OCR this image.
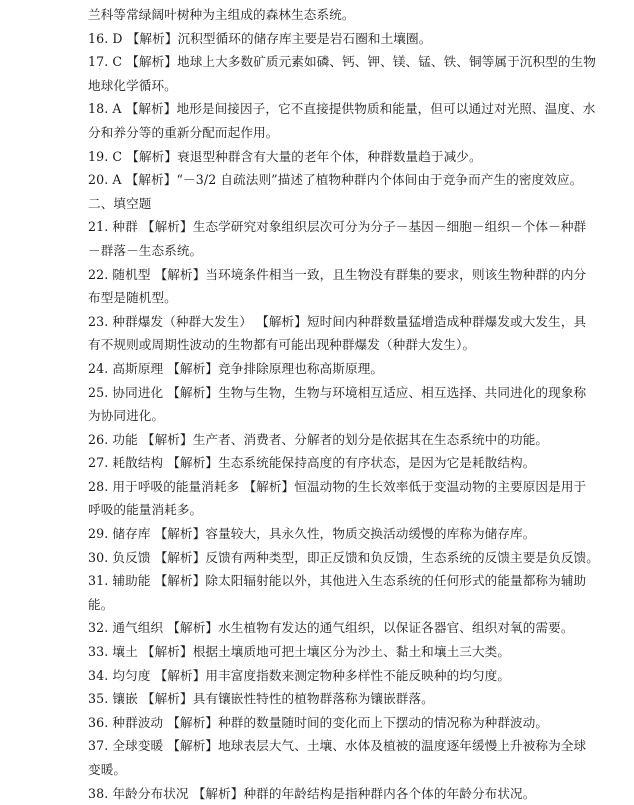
兰科等常绿阔叶树种为主组成的森林生态系统。
16. D 【解析】沉积型循环的储存库主要是岩石圈和土壤圈。
17. C 【解析】地球上大多数矿质元素如磷、钙、钾、镁、锰、铁、铜等属于沉积型的生物
地球化学循环。
18. A 【解析】地形是间接因子，它不直接提供物质和能量，但可以通过对光照、温度、水
分和养分等的重新分配而起作用。
19. C 【解析】衰退型种群含有大量的老年个体，种群数量趋于减少。
20. A 【解析】“－3/2 自疏法则”描述了植物种群内个体间由于竞争而产生的密度效应。
二、填空题
21. 种群 【解析】生态学研究对象组织层次可分为分子－基因－细胞－组织－个体－种群
－群落－生态系统。
22. 随机型 【解析】当环境条件相当一致，且生物没有群集的要求，则该生物种群的内分
布型是随机型。
23. 种群爆发（种群大发生） 【解析】短时间内种群数量猛增造成种群爆发或大发生，具
有不规则或周期性波动的生物都有可能出现种群爆发（种群大发生）。
24. 高斯原理 【解析】竞争排除原理也称高斯原理。
25. 协同进化 【解析】生物与生物，生物与环境相互适应、相互选择、共同进化的现象称
为协同进化。
26. 功能 【解析】生产者、消费者、分解者的划分是依据其在生态系统中的功能。
27. 耗散结构 【解析】生态系统能保持高度的有序状态，是因为它是耗散结构。
28. 用于呼吸的能量消耗多 【解析】恒温动物的生长效率低于变温动物的主要原因是用于
呼吸的能量消耗多。
29. 储存库 【解析】容量较大，具永久性，物质交换活动缓慢的库称为储存库。
30. 负反馈 【解析】反馈有两种类型，即正反馈和负反馈，生态系统的反馈主要是负反馈。
31. 辅助能 【解析】除太阳辐射能以外，其他进入生态系统的任何形式的能量都称为辅助
能。
32. 通气组织 【解析】水生植物有发达的通气组织，以保证各器官、组织对氧的需要。
33. 壤土 【解析】根据土壤质地可把土壤区分为沙土、黏土和壤土三大类。
34. 均匀度 【解析】用丰富度指数来测定物种多样性不能反映种的均匀度。
35. 镶嵌 【解析】具有镶嵌性特性的植物群落称为镶嵌群落。
36. 种群波动 【解析】种群的数量随时间的变化而上下摆动的情况称为种群波动。
37. 全球变暖 【解析】地球表层大气、土壤、水体及植被的温度逐年缓慢上升被称为全球
变暖。
38. 年龄分布状况 【解析】种群的年龄结构是指种群内各个体的年龄分布状况。
